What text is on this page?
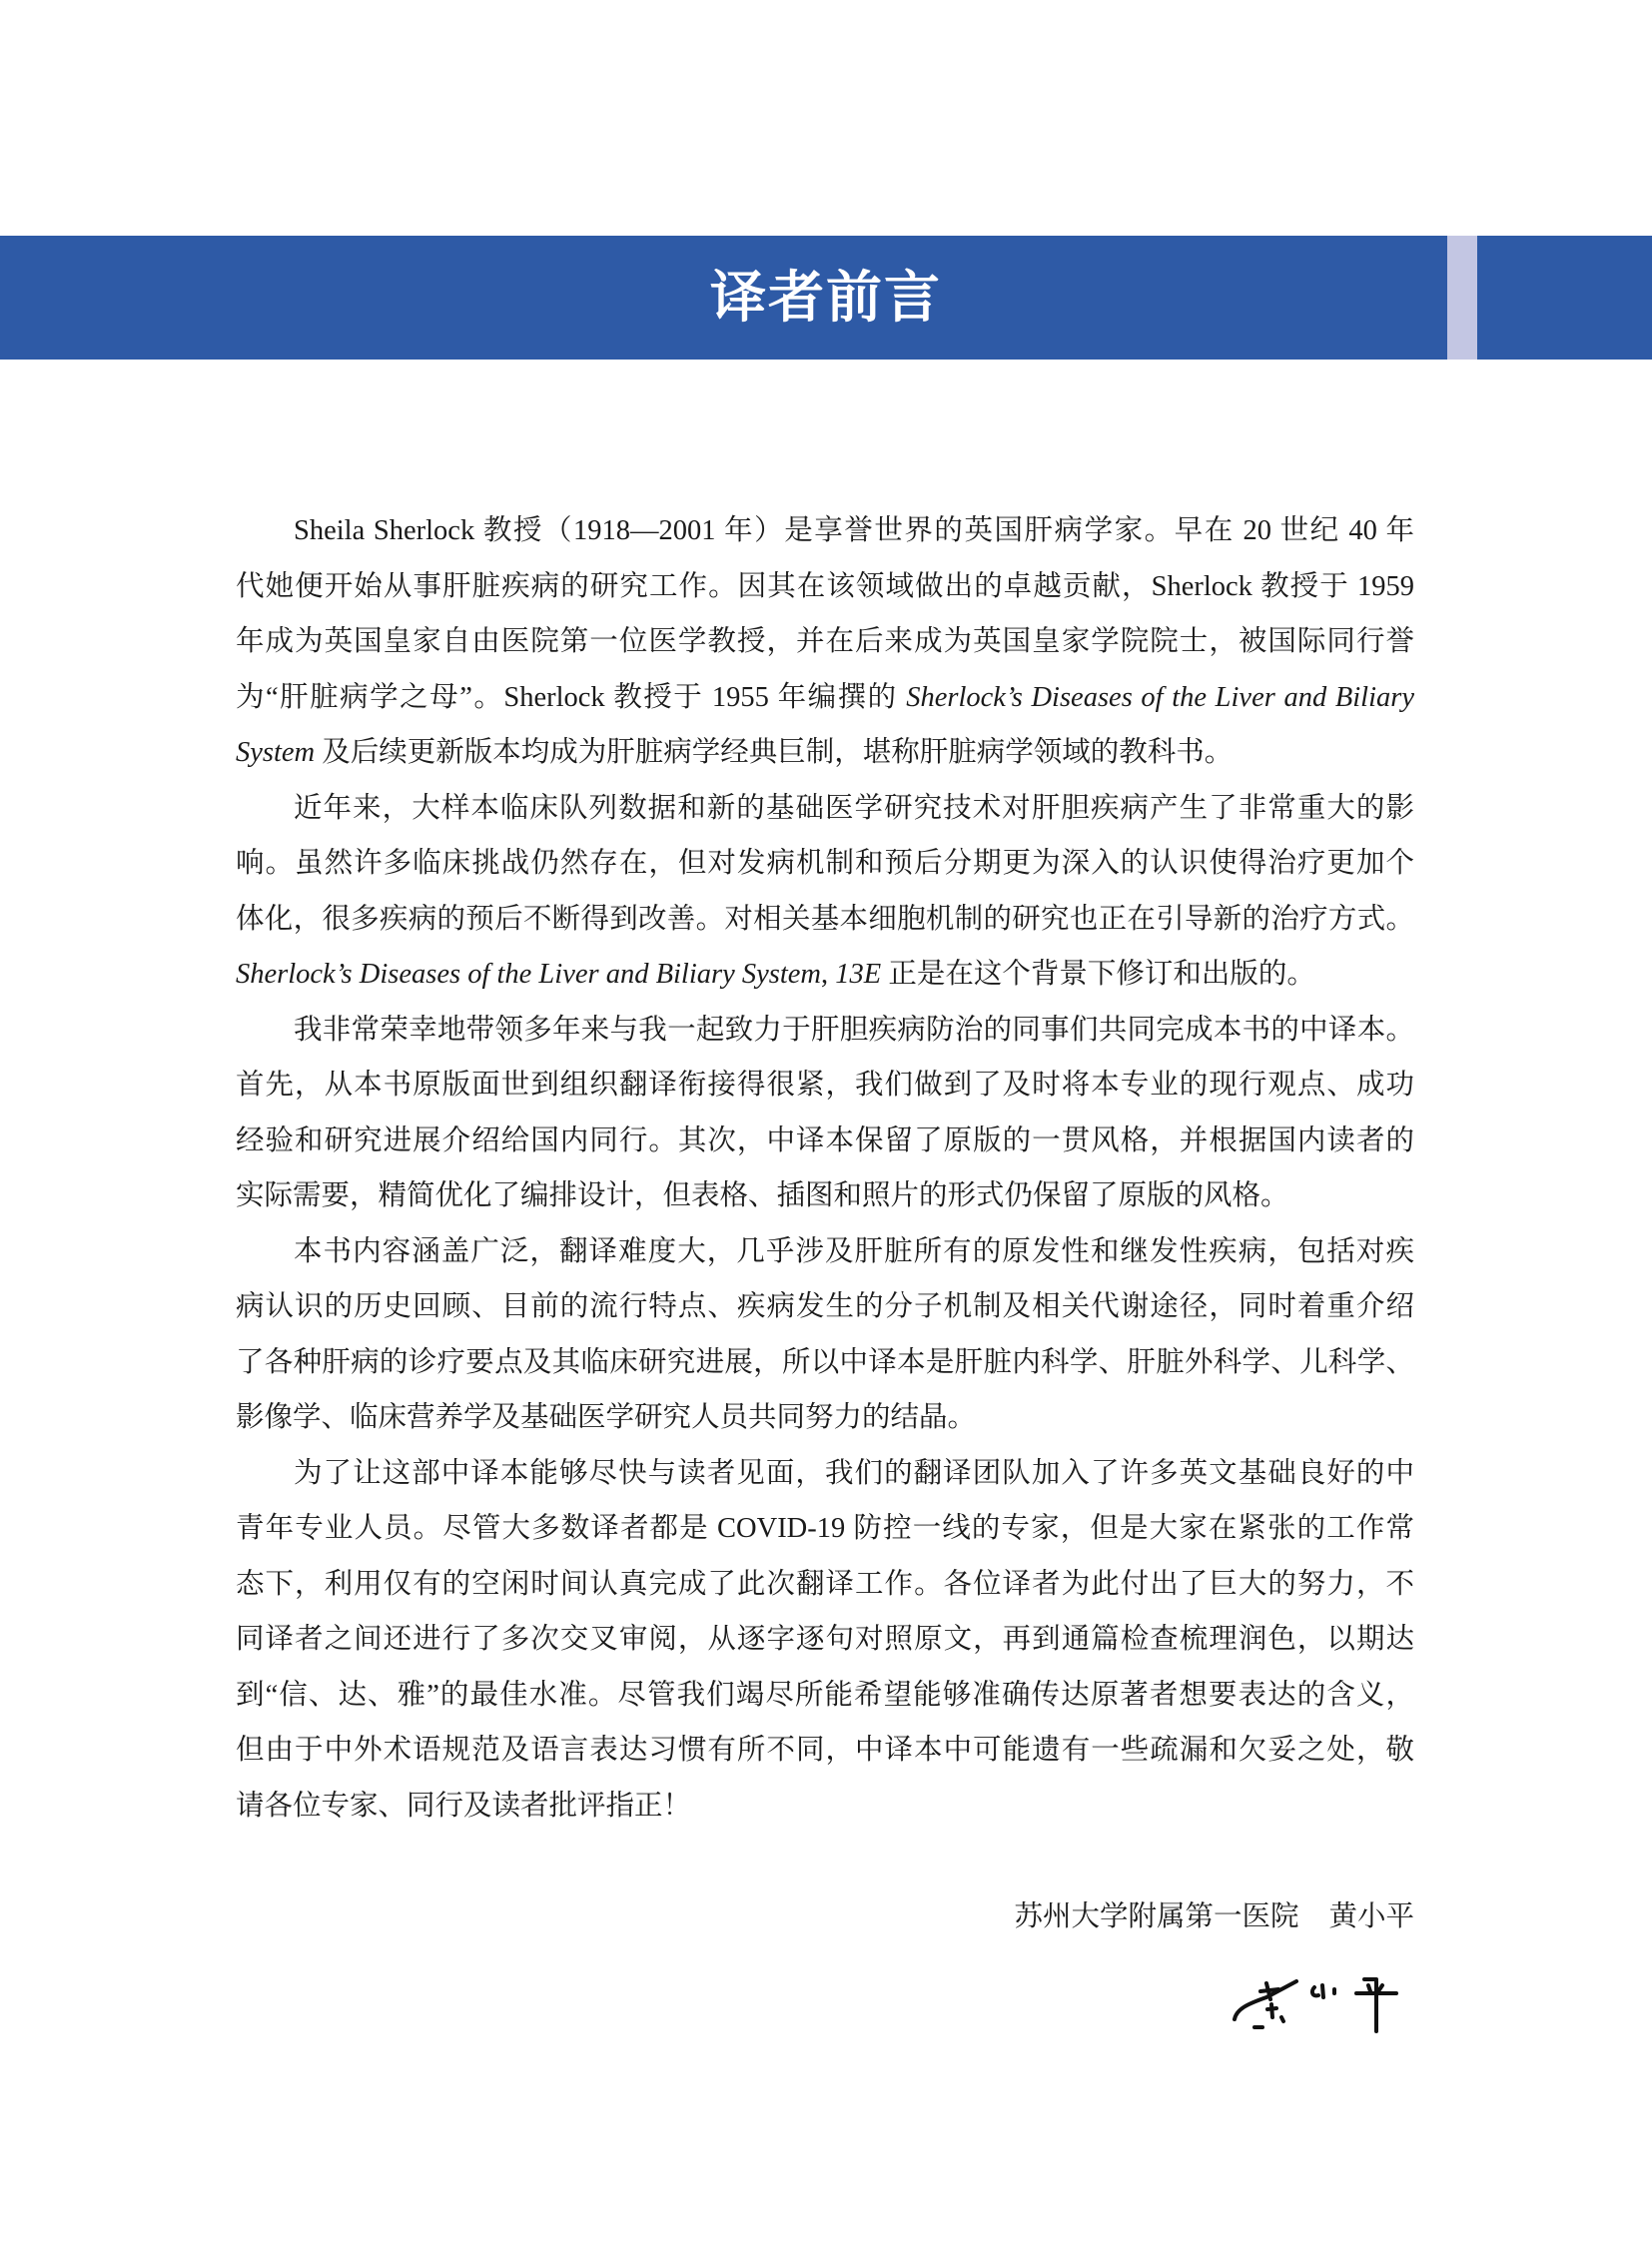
译者前言
Sheila Sherlock 教授（1918—2001 年）是享誉世界的英国肝病学家。早在 20 世纪 40 年
代她便开始从事肝脏疾病的研究工作。因其在该领域做出的卓越贡献，Sherlock 教授于 1959
年成为英国皇家自由医院第一位医学教授，并在后来成为英国皇家学院院士，被国际同行誉
为“肝脏病学之母”。Sherlock 教授于 1955 年编撰的 Sherlock’s Diseases of the Liver and Biliary
System 及后续更新版本均成为肝脏病学经典巨制，堪称肝脏病学领域的教科书。
近年来，大样本临床队列数据和新的基础医学研究技术对肝胆疾病产生了非常重大的影
响。虽然许多临床挑战仍然存在，但对发病机制和预后分期更为深入的认识使得治疗更加个
体化，很多疾病的预后不断得到改善。对相关基本细胞机制的研究也正在引导新的治疗方式。
Sherlock’s Diseases of the Liver and Biliary System, 13E 正是在这个背景下修订和出版的。
我非常荣幸地带领多年来与我一起致力于肝胆疾病防治的同事们共同完成本书的中译本。
首先，从本书原版面世到组织翻译衔接得很紧，我们做到了及时将本专业的现行观点、成功
经验和研究进展介绍给国内同行。其次，中译本保留了原版的一贯风格，并根据国内读者的
实际需要，精简优化了编排设计，但表格、插图和照片的形式仍保留了原版的风格。
本书内容涵盖广泛，翻译难度大，几乎涉及肝脏所有的原发性和继发性疾病，包括对疾
病认识的历史回顾、目前的流行特点、疾病发生的分子机制及相关代谢途径，同时着重介绍
了各种肝病的诊疗要点及其临床研究进展，所以中译本是肝脏内科学、肝脏外科学、儿科学、
影像学、临床营养学及基础医学研究人员共同努力的结晶。
为了让这部中译本能够尽快与读者见面，我们的翻译团队加入了许多英文基础良好的中
青年专业人员。尽管大多数译者都是 COVID-19 防控一线的专家，但是大家在紧张的工作常
态下，利用仅有的空闲时间认真完成了此次翻译工作。各位译者为此付出了巨大的努力，不
同译者之间还进行了多次交叉审阅，从逐字逐句对照原文，再到通篇检查梳理润色，以期达
到“信、达、雅”的最佳水准。尽管我们竭尽所能希望能够准确传达原著者想要表达的含义，
但由于中外术语规范及语言表达习惯有所不同，中译本中可能遗有一些疏漏和欠妥之处，敬
请各位专家、同行及读者批评指正！
苏州大学附属第一医院 黄小平
